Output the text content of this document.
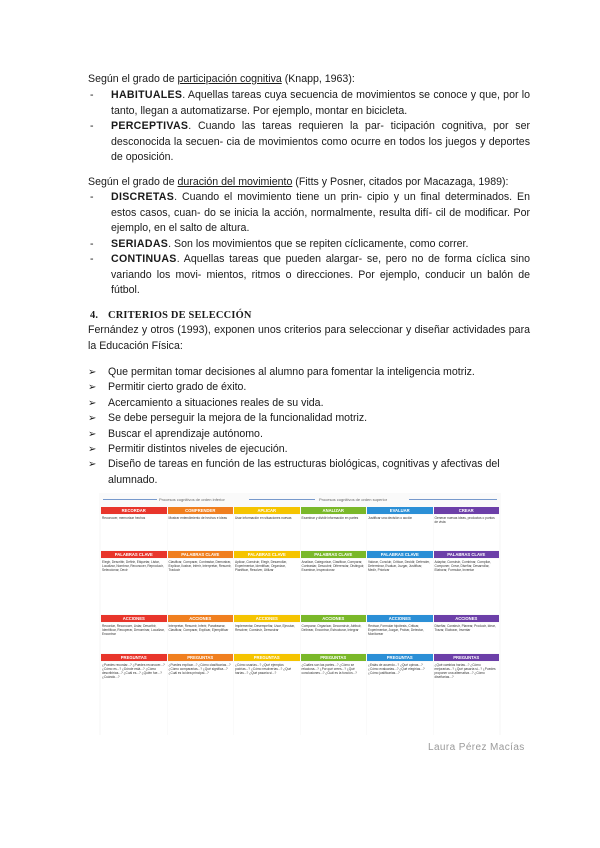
Según el grado de participación cognitiva (Knapp, 1963):
-	HABITUALES. Aquellas tareas cuya secuencia de movimientos se conoce y que, por lo tanto, llegan a automatizarse. Por ejemplo, montar en bicicleta.
-	PERCEPTIVAS. Cuando las tareas requieren la par- ticipación cognitiva, por ser desconocida la secuen- cia de movimientos como ocurre en todos los juegos y deportes de oposición.
Según el grado de duración del movimiento (Fitts y Posner, citados por Macazaga, 1989):
-	DISCRETAS. Cuando el movimiento tiene un prin- cipio y un final determinados. En estos casos, cuan- do se inicia la acción, normalmente, resulta difí- cil de modificar. Por ejemplo, en el salto de altura.
-	SERIADAS. Son los movimientos que se repiten cíclicamente, como correr.
-	CONTINUAS. Aquellas tareas que pueden alargar- se, pero no de forma cíclica sino variando los movi- mientos, ritmos o direcciones. Por ejemplo, conducir un balón de fútbol.
4. CRITERIOS DE SELECCIÓN
Fernández y otros (1993), exponen unos criterios para seleccionar y diseñar actividades para la Educación Física:
➢	Que permitan tomar decisiones al alumno para fomentar la inteligencia motriz.
➢	Permitir cierto grado de éxito.
➢	Acercamiento a situaciones reales de su vida.
➢	Se debe perseguir la mejora de la funcionalidad motriz.
➢	Buscar el aprendizaje autónomo.
➢	Permitir distintos niveles de ejecución.
➢	Diseño de tareas en función de las estructuras biológicas, cognitivas y afectivas del alumnado.
Procesos cognitivos de orden inferior	Procesos cognitivos de orden superior
RECORDAR	COMPRENDER	APLICAR	ANALIZAR	EVALUAR	CREAR
Reconocer, memorizar hechos	Mostrar entendimiento de hechos e ideas	Usar información en situaciones nuevas	Examinar y dividir información en partes	Justificar una decisión o acción	Generar nuevas ideas, productos o puntos de vista
PALABRAS CLAVE	PALABRAS CLAVE	PALABRAS CLAVE	PALABRAS CLAVE	PALABRAS CLAVE	PALABRAS CLAVE
Elegir, Describir, Definir, Etiquetar, Listar, Localizar, Nombrar, Reconocer, Reproducir, Seleccionar, Decir
Clasificar, Comparar, Contrastar, Demostrar, Explicar, Ilustrar, Inferir, Interpretar, Resumir, Traducir
Aplicar, Construir, Elegir, Desarrollar, Experimentar, Identificar, Organizar, Planificar, Resolver, Utilizar
Analizar, Categorizar, Clasificar, Comparar, Contrastar, Descubrir, Diferenciar, Distinguir, Examinar, Inspeccionar
Valorar, Concluir, Criticar, Decidir, Defender, Determinar, Evaluar, Juzgar, Justificar, Medir, Priorizar
Adaptar, Construir, Combinar, Compilar, Componer, Crear, Diseñar, Desarrollar, Elaborar, Formular, Inventar
ACCIONES	ACCIONES	ACCIONES	ACCIONES	ACCIONES	ACCIONES
Recordar, Reconocer, Listar, Describir, Identificar, Recuperar, Denominar, Localizar, Encontrar
Interpretar, Resumir, Inferir, Parafrasear, Clasificar, Comparar, Explicar, Ejemplificar
Implementar, Desempeñar, Usar, Ejecutar, Resolver, Construir, Demostrar
Comparar, Organizar, Deconstruir, Atribuir, Delinear, Encontrar, Estructurar, Integrar
Revisar, Formular hipótesis, Criticar, Experimentar, Juzgar, Probar, Detectar, Monitorear
Diseñar, Construir, Planear, Producir, Idear, Trazar, Elaborar, Inventar
PREGUNTAS	PREGUNTAS	PREGUNTAS	PREGUNTAS	PREGUNTAS	PREGUNTAS
¿Puedes recordar...? ¿Puedes reconocer...? ¿Cómo es...? ¿Dónde está...? ¿Cómo describirías...? ¿Cuál es...? ¿Quién fue...? ¿Cuándo...?
¿Puedes explicar...? ¿Cómo clasificarías...? ¿Cómo compararías...? ¿Qué significa...? ¿Cuál es la idea principal...?
¿Cómo usarías...? ¿Qué ejemplos podrías...? ¿Cómo resolverías...? ¿Qué harías...? ¿Qué pasaría si...?
¿Cuáles son las partes...? ¿Cómo se relaciona...? ¿Por qué crees...? ¿Qué conclusiones...? ¿Cuál es la función...?
¿Estás de acuerdo...? ¿Qué opinas...? ¿Cómo evaluarías...? ¿Qué elegirías...? ¿Cómo justificarías...?
¿Qué cambios harías...? ¿Cómo mejorarías...? ¿Qué pasaría si...? ¿Puedes proponer una alternativa...? ¿Cómo diseñarías...?
Laura Pérez Macías
